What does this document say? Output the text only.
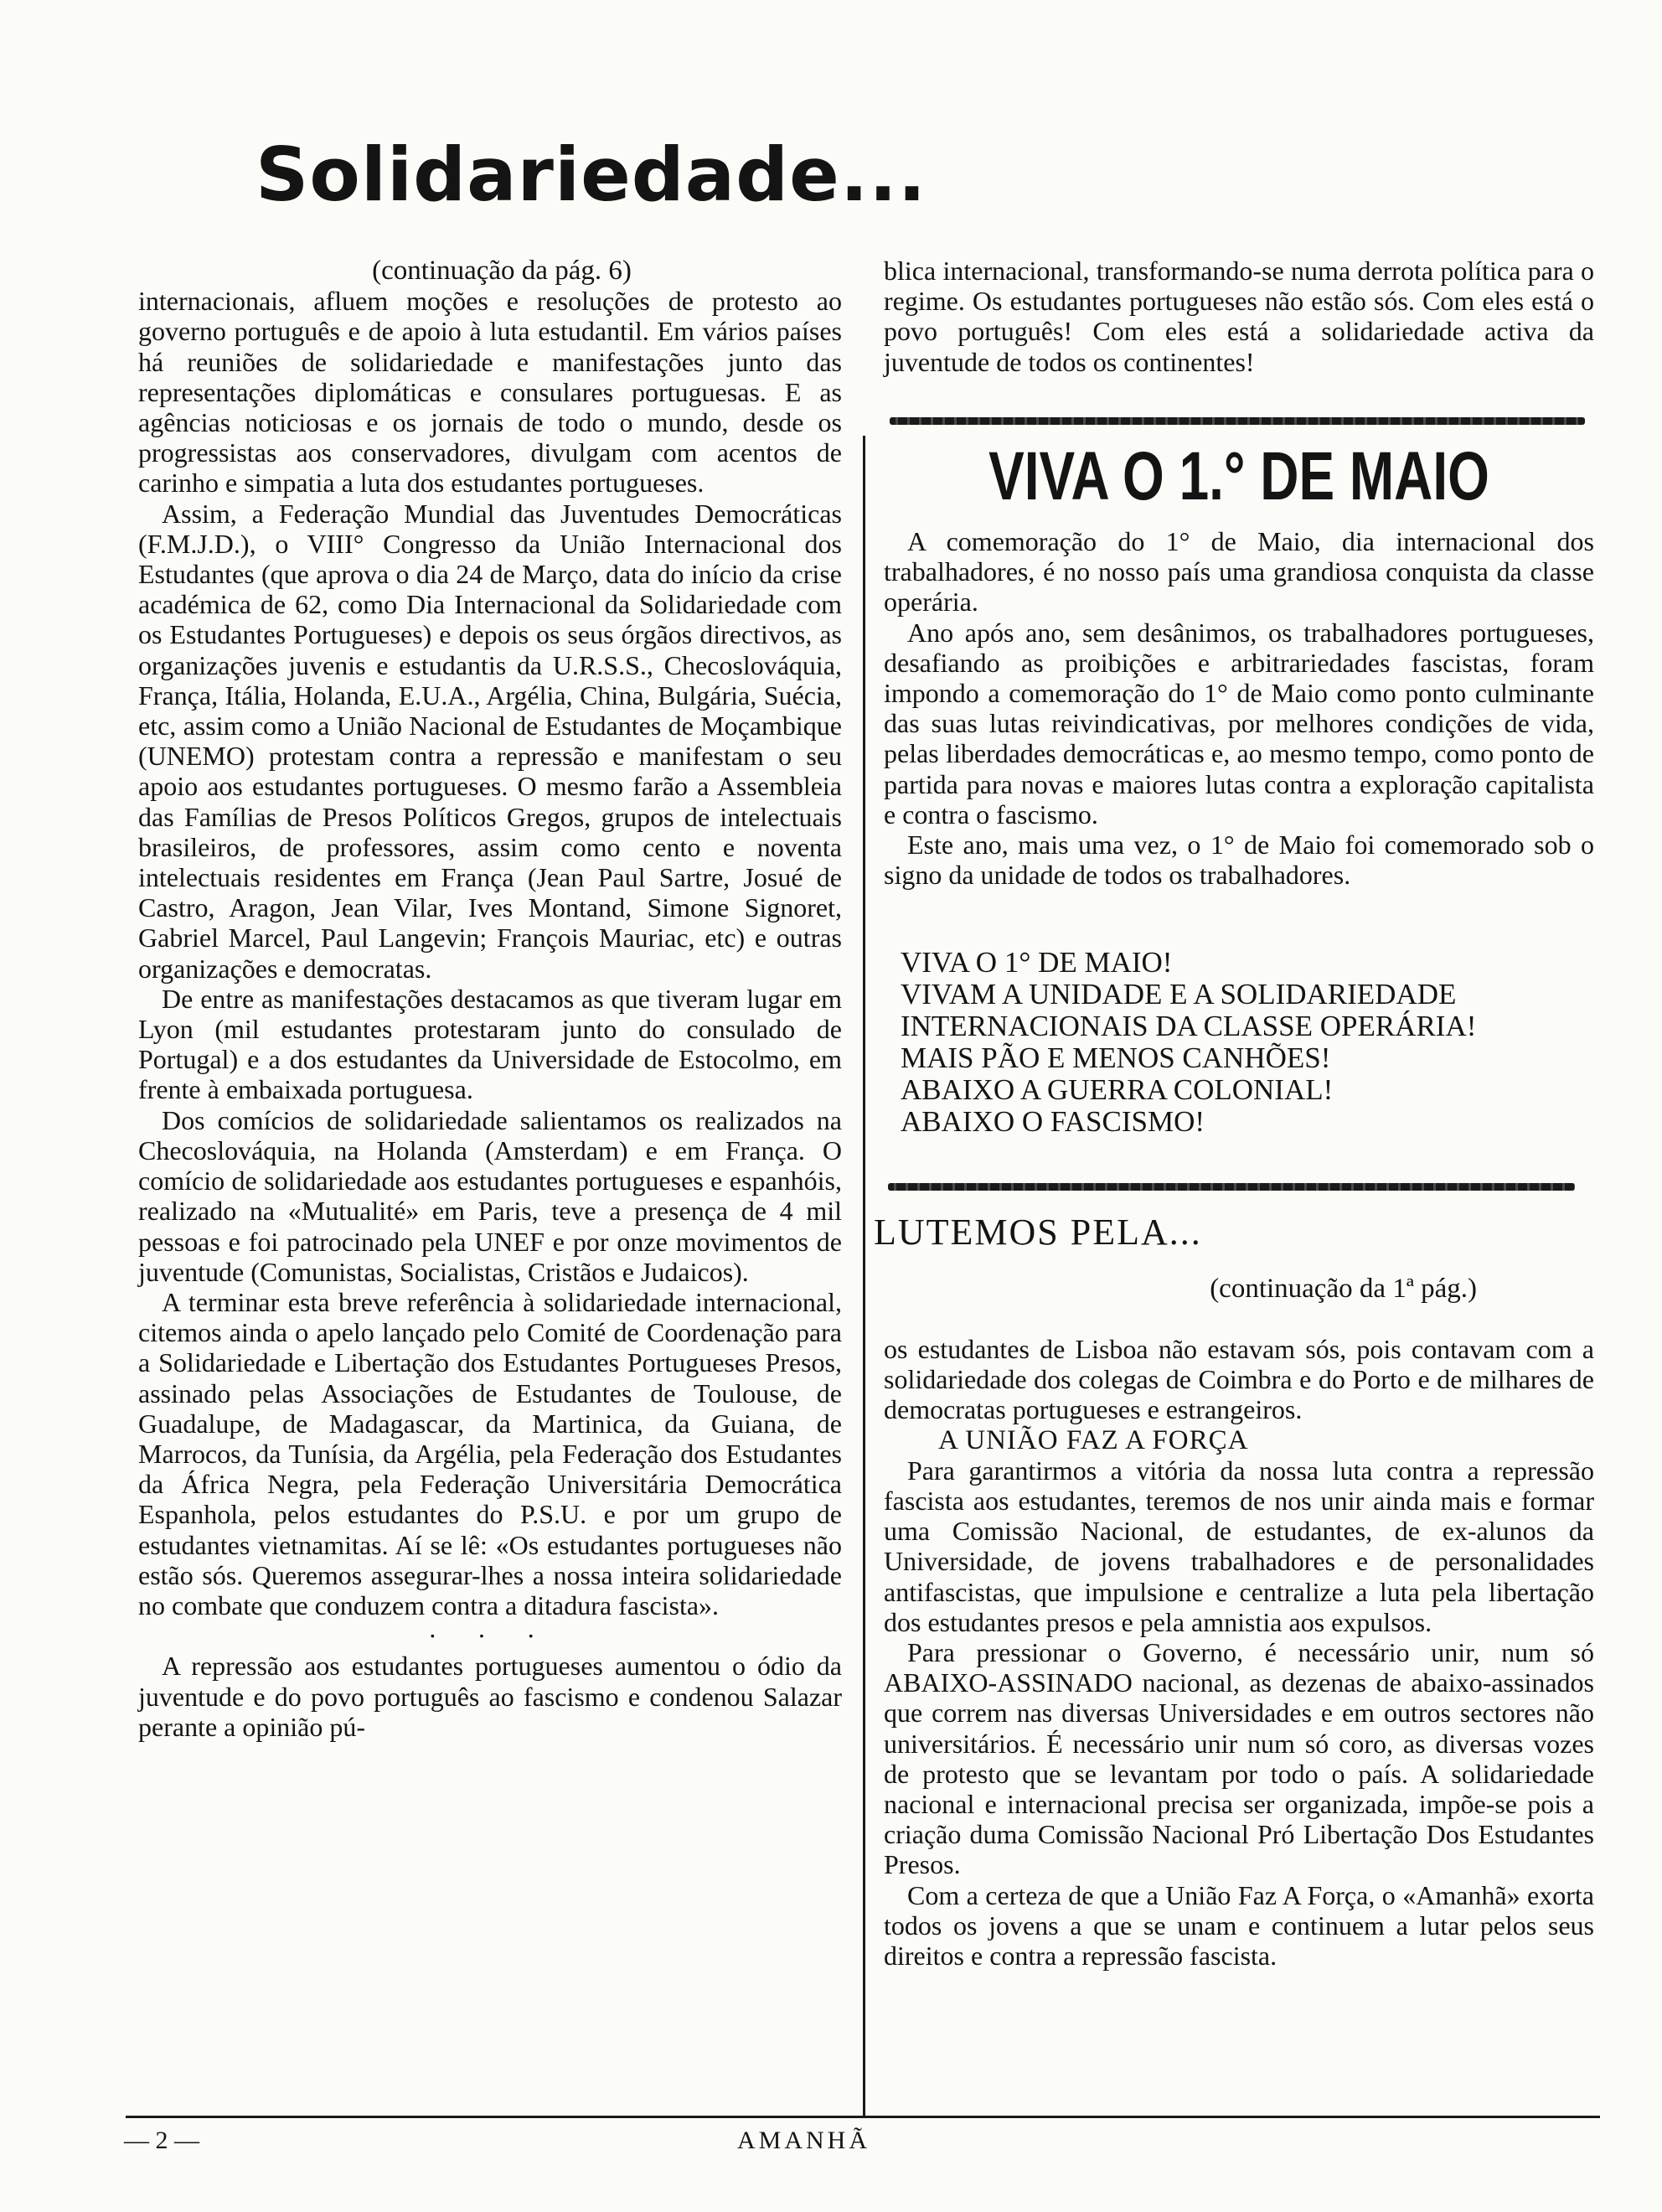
Solidariedade...

(continuação da pág. 6)

internacionais, afluem moções e resoluções de protesto ao governo português e de apoio à luta estudantil. Em vários países há reuniões de solidariedade e manifestações junto das representações diplomáticas e consulares portuguesas. E as agências noticiosas e os jornais de todo o mundo, desde os progressistas aos conservadores, divulgam com acentos de carinho e simpatia a luta dos estudantes portugueses.

Assim, a Federação Mundial das Juventudes Democráticas (F.M.J.D.), o VIII° Congresso da União Internacional dos Estudantes (que aprova o dia 24 de Março, data do início da crise académica de 62, como Dia Internacional da Solidariedade com os Estudantes Portugueses) e depois os seus órgãos directivos, as organizações juvenis e estudantis da U.R.S.S., Checoslováquia, França, Itália, Holanda, E.U.A., Argélia, China, Bulgária, Suécia, etc, assim como a União Nacional de Estudantes de Moçambique (UNEMO) protestam contra a repressão e manifestam o seu apoio aos estudantes portugueses. O mesmo farão a Assembleia das Famílias de Presos Políticos Gregos, grupos de intelectuais brasileiros, de professores, assim como cento e noventa intelectuais residentes em França (Jean Paul Sartre, Josué de Castro, Aragon, Jean Vilar, Ives Montand, Simone Signoret, Gabriel Marcel, Paul Langevin; François Mauriac, etc) e outras organizações e democratas.

De entre as manifestações destacamos as que tiveram lugar em Lyon (mil estudantes protestaram junto do consulado de Portugal) e a dos estudantes da Universidade de Estocolmo, em frente à embaixada portuguesa.

Dos comícios de solidariedade salientamos os realizados na Checoslováquia, na Holanda (Amsterdam) e em França. O comício de solidariedade aos estudantes portugueses e espanhóis, realizado na «Mutualité» em Paris, teve a presença de 4 mil pessoas e foi patrocinado pela UNEF e por onze movimentos de juventude (Comunistas, Socialistas, Cristãos e Judaicos).

A terminar esta breve referência à solidariedade internacional, citemos ainda o apelo lançado pelo Comité de Coordenação para a Solidariedade e Libertação dos Estudantes Portugueses Presos, assinado pelas Associações de Estudantes de Toulouse, de Guadalupe, de Madagascar, da Martinica, da Guiana, de Marrocos, da Tunísia, da Argélia, pela Federação dos Estudantes da África Negra, pela Federação Universitária Democrática Espanhola, pelos estudantes do P.S.U. e por um grupo de estudantes vietnamitas. Aí se lê: «Os estudantes portugueses não estão sós. Queremos assegurar-lhes a nossa inteira solidariedade no combate que conduzem contra a ditadura fascista».

· · ·

A repressão aos estudantes portugueses aumentou o ódio da juventude e do povo português ao fascismo e condenou Salazar perante a opinião pú-

blica internacional, transformando-se numa derrota política para o regime. Os estudantes portugueses não estão sós. Com eles está o povo português! Com eles está a solidariedade activa da juventude de todos os continentes!

VIVA O 1.° DE MAIO

A comemoração do 1° de Maio, dia internacional dos trabalhadores, é no nosso país uma grandiosa conquista da classe operária.

Ano após ano, sem desânimos, os trabalhadores portugueses, desafiando as proibições e arbitrariedades fascistas, foram impondo a comemoração do 1° de Maio como ponto culminante das suas lutas reivindicativas, por melhores condições de vida, pelas liberdades democráticas e, ao mesmo tempo, como ponto de partida para novas e maiores lutas contra a exploração capitalista e contra o fascismo.

Este ano, mais uma vez, o 1° de Maio foi comemorado sob o signo da unidade de todos os trabalhadores.

VIVA O 1° DE MAIO!
VIVAM A UNIDADE E A SOLIDARIEDADE
INTERNACIONAIS DA CLASSE OPERÁRIA!
MAIS PÃO E MENOS CANHÕES!
ABAIXO A GUERRA COLONIAL!
ABAIXO O FASCISMO!
LUTEMOS PELA...

(continuação da 1ª pág.)

os estudantes de Lisboa não estavam sós, pois contavam com a solidariedade dos colegas de Coimbra e do Porto e de milhares de democratas portugueses e estrangeiros.

A UNIÃO FAZ A FORÇA

Para garantirmos a vitória da nossa luta contra a repressão fascista aos estudantes, teremos de nos unir ainda mais e formar uma Comissão Nacional, de estudantes, de ex-alunos da Universidade, de jovens trabalhadores e de personalidades antifascistas, que impulsione e centralize a luta pela libertação dos estudantes presos e pela amnistia aos expulsos.

Para pressionar o Governo, é necessário unir, num só ABAIXO-ASSINADO nacional, as dezenas de abaixo-assinados que correm nas diversas Universidades e em outros sectores não universitários. É necessário unir num só coro, as diversas vozes de protesto que se levantam por todo o país. A solidariedade nacional e internacional precisa ser organizada, impõe-se pois a criação duma Comissão Nacional Pró Libertação Dos Estudantes Presos.

Com a certeza de que a União Faz A Força, o «Amanhã» exorta todos os jovens a que se unam e continuem a lutar pelos seus direitos e contra a repressão fascista.

— 2 —	AMANHÃ
